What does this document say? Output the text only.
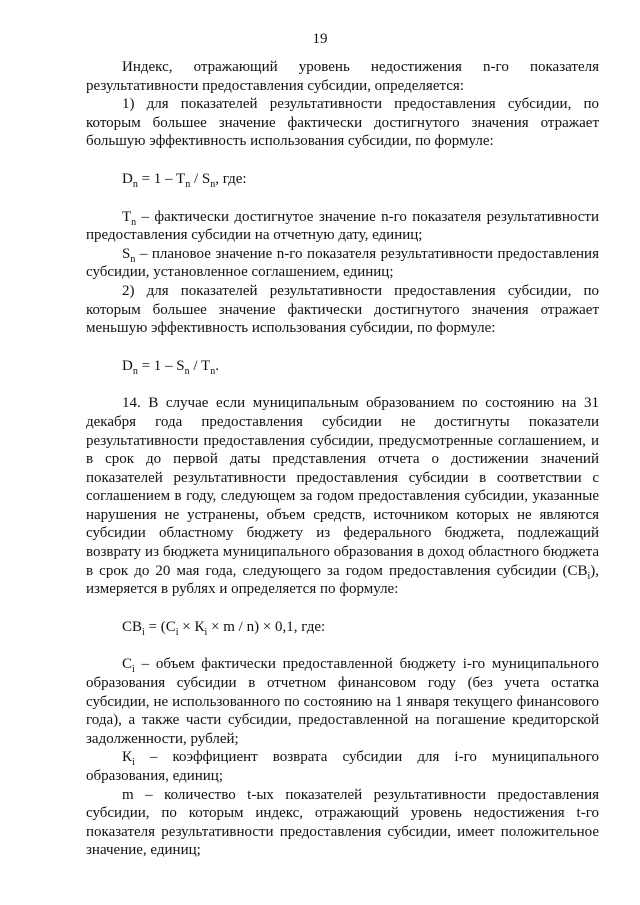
19

Индекс, отражающий уровень недостижения n-го показателя результативности предоставления субсидии, определяется:

1) для показателей результативности предоставления субсидии, по которым большее значение фактически достигнутого значения отражает большую эффективность использования субсидии, по формуле:

$D_n = 1 - T_n / S_n$, где:

$T_n$ – фактически достигнутое значение n-го показателя результативности предоставления субсидии на отчетную дату, единиц;

$S_n$ – плановое значение n-го показателя результативности предоставления субсидии, установленное соглашением, единиц;

2) для показателей результативности предоставления субсидии, по которым большее значение фактически достигнутого значения отражает меньшую эффективность использования субсидии, по формуле:

$D_n = 1 - S_n / T_n$.

14. В случае если муниципальным образованием по состоянию на 31 декабря года предоставления субсидии не достигнуты показатели результативности предоставления субсидии, предусмотренные соглашением, и в срок до первой даты представления отчета о достижении значений показателей результативности предоставления субсидии в соответствии с соглашением в году, следующем за годом предоставления субсидии, указанные нарушения не устранены, объем средств, источником которых не являются субсидии областному бюджету из федерального бюджета, подлежащий возврату из бюджета муниципального образования в доход областного бюджета в срок до 20 мая года, следующего за годом предоставления субсидии $(СВ_i)$, измеряется в рублях и определяется по формуле:

$СВ_i = (С_i \times К_i \times m / n) \times 0,1$, где:

$С_i$ – объем фактически предоставленной бюджету i-го муниципального образования субсидии в отчетном финансовом году (без учета остатка субсидии, не использованного по состоянию на 1 января текущего финансового года), а также части субсидии, предоставленной на погашение кредиторской задолженности, рублей;

$К_i$ – коэффициент возврата субсидии для i-го муниципального образования, единиц;

m – количество t-ых показателей результативности предоставления субсидии, по которым индекс, отражающий уровень недостижения t-го показателя результативности предоставления субсидии, имеет положительное значение, единиц;
